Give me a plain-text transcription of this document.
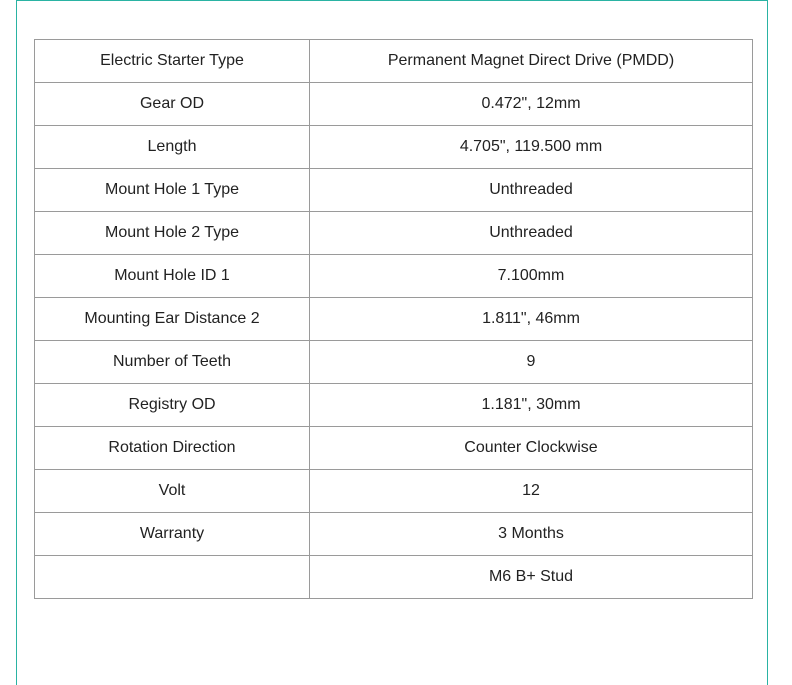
Electric Starter Type	Permanent Magnet Direct Drive (PMDD)
Gear OD	0.472", 12mm
Length	4.705", 119.500 mm
Mount Hole 1 Type	Unthreaded
Mount Hole 2 Type	Unthreaded
Mount Hole ID 1	7.100mm
Mounting Ear Distance 2	1.811", 46mm
Number of Teeth	9
Registry OD	1.181", 30mm
Rotation Direction	Counter Clockwise
Volt	12
Warranty	3 Months
	M6 B+ Stud
